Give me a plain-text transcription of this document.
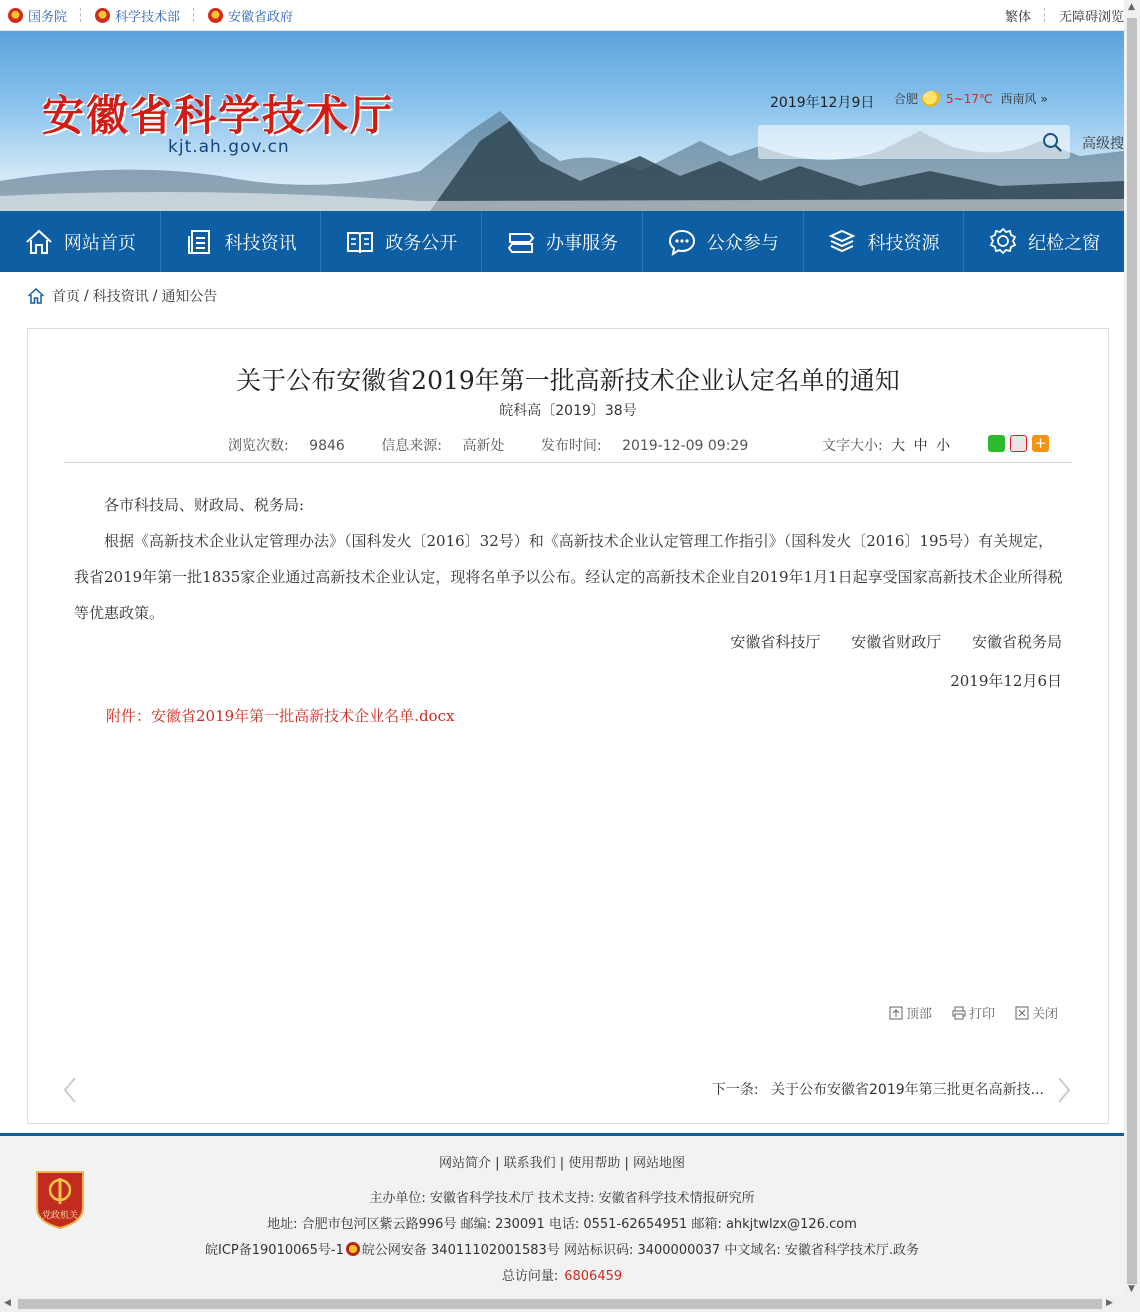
国务院	科学技术部	安徽省政府	繁体 无障碍浏览
安徽省科学技术厅
kjt.ah.gov.cn
2019年12月9日 合肥 5~17℃ 西南风 »
高级搜
网站首页	科技资讯	政务公开	办事服务	公众参与	科技资源	纪检之窗
首页 / 科技资讯 / 通知公告
关于公布安徽省2019年第一批高新技术企业认定名单的通知
皖科高〔2019〕38号
浏览次数: 9846	信息来源: 高新处	发布时间: 2019-12-09 09:29	文字大小: 大 中 小	+

各市科技局、财政局、税务局:

根据《高新技术企业认定管理办法》（国科发火〔2016〕32号）和《高新技术企业认定管理工作指引》（国科发火〔2016〕195号）有关规定，我省2019年第一批1835家企业通过高新技术企业认定，现将名单予以公布。经认定的高新技术企业自2019年1月1日起享受国家高新技术企业所得税等优惠政策。

安徽省科技厅 安徽省财政厅 安徽省税务局
2019年12月6日
附件：安徽省2019年第一批高新技术企业名单.docx
顶部	打印	关闭
下一条: 关于公布安徽省2019年第三批更名高新技...
党政机关
网站简介 | 联系我们 | 使用帮助 | 网站地图
主办单位: 安徽省科学技术厅 技术支持: 安徽省科学技术情报研究所
地址: 合肥市包河区紫云路996号 邮编: 230091 电话: 0551-62654951 邮箱: ahkjtwlzx@126.com
皖ICP备19010065号-1 皖公网安备 34011102001583号 网站标识码: 3400000037 中文域名: 安徽省科学技术厅.政务
总访问量: 6806459
▲
▼
◀	▶
